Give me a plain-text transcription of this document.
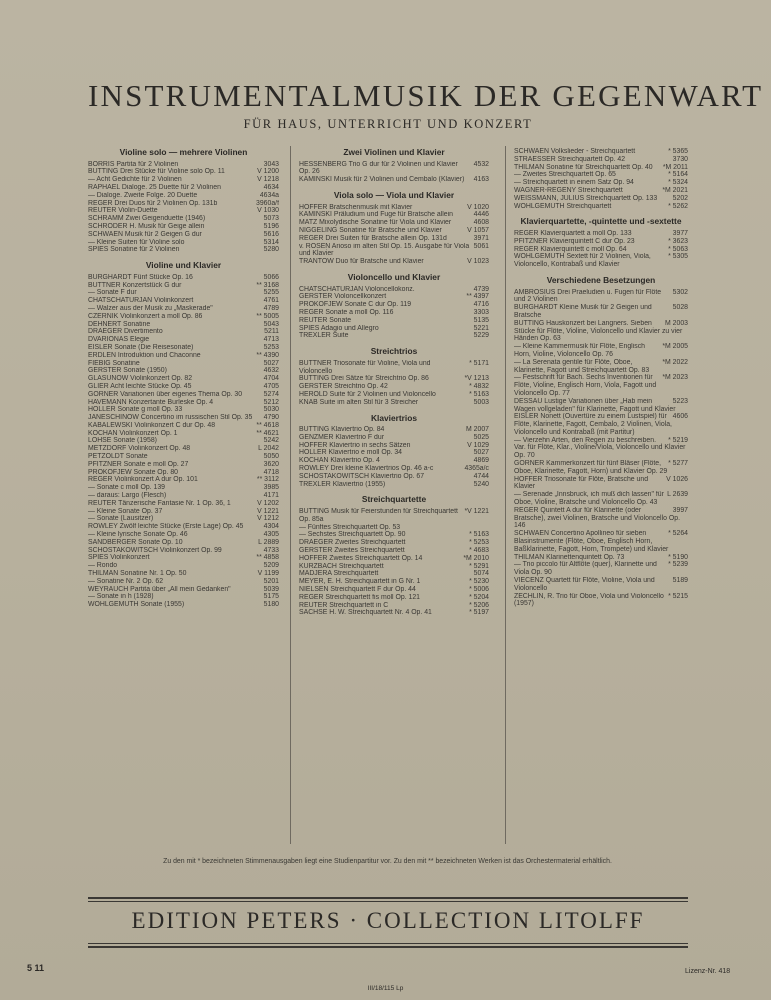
INSTRUMENTALMUSIK DER GEGENWART
FÜR HAUS, UNTERRICHT UND KONZERT
Violine solo — mehrere Violinen
3043
BORRIS Partita für 2 Violinen
V 1200
BUTTING Drei Stücke für Violine solo Op. 11
V 1218
— Acht Gedichte für 2 Violinen
4634
RAPHAEL Dialoge. 25 Duette für 2 Violinen
4634a
— Dialoge. Zweite Folge. 20 Duette
3960a/f
REGER Drei Duos für 2 Violinen Op. 131b
V 1030
REUTER Violin-Duette
5073
SCHRAMM Zwei Geigenduette (1946)
5196
SCHRÖDER H. Musik für Geige allein
5616
SCHWAEN Musik für 2 Geigen G dur
5314
— Kleine Suiten für Violine solo
5280
SPIES Sonatine für 2 Violinen
Violine und Klavier
5066
BURGHARDT Fünf Stücke Op. 16
** 3168
BÜTTNER Konzertstück G dur
5255
— Sonate F dur
4761
CHATSCHATURJAN Violinkonzert
4789
— Walzer aus der Musik zu „Maskerade"
** 5005
CZERNIK Violinkonzert a moll Op. 86
5043
DEHNERT Sonatine
5211
DRAEGER Divertimento
4713
DVARIONAS Elegie
5253
EISLER Sonate (Die Reisesonate)
** 4390
ERDLEN Introduktion und Chaconne
5027
FIEBIG Sonatine
4632
GERSTER Sonate (1950)
4704
GLASUNOW Violinkonzert Op. 82
4705
GLIER Acht leichte Stücke Op. 45
5274
GÖRNER Variationen über eigenes Thema Op. 30
5212
HAVEMANN Konzertante Burleske Op. 4
5030
HÖLLER Sonate g moll Op. 33
4790
JANESCHINOW Concertino im russischen Stil Op. 35
** 4618
KABALEWSKI Violinkonzert C dur Op. 48
** 4621
KOCHAN Violinkonzert Op. 1
5242
LOHSE Sonate (1958)
L 2042
METZDORF Violinkonzert Op. 48
5050
PETZOLDT Sonate
3620
PFITZNER Sonate e moll Op. 27
4718
PROKOFJEW Sonate Op. 80
** 3112
REGER Violinkonzert A dur Op. 101
3985
— Sonate c moll Op. 139
4171
— daraus: Largo (Flesch)
V 1202
REUTER Tänzerische Fantasie Nr. 1 Op. 36, 1
V 1221
— Kleine Sonate Op. 37
V 1212
— Sonate (Lausitzer)
4304
ROWLEY Zwölf leichte Stücke (Erste Lage) Op. 45
4305
— Kleine lyrische Sonate Op. 46
L 2889
SANDBERGER Sonate Op. 10
4733
SCHOSTAKOWITSCH Violinkonzert Op. 99
** 4858
SPIES Violinkonzert
5209
— Rondo
V 1199
THILMAN Sonatine Nr. 1 Op. 50
5201
— Sonatine Nr. 2 Op. 62
5039
WEYRAUCH Partita über „All mein Gedanken"
5175
— Sonate in h (1928)
5180
WOHLGEMUTH Sonate (1955)
Zwei Violinen und Klavier
4532
HESSENBERG Trio G dur für 2 Violinen und Klavier Op. 26
4163
KAMINSKI Musik für 2 Violinen und Cembalo (Klavier)
Viola solo — Viola und Klavier
V 1020
HÖFFER Bratschenmusik mit Klavier
4446
KAMINSKI Präludium und Fuge für Bratsche allein
4608
MATZ Mixolydische Sonatine für Viola und Klavier
V 1057
NIGGELING Sonatine für Bratsche und Klavier
3971
REGER Drei Suiten für Bratsche allein Op. 131d
5061
v. ROSEN Arioso im alten Stil Op. 15. Ausgabe für Viola und Klavier
V 1023
TRANTOW Duo für Bratsche und Klavier
Violoncello und Klavier
4739
CHATSCHATURJAN Violoncellokonz.
** 4397
GERSTER Violoncellkonzert
4716
PROKOFJEW Sonate C dur Op. 119
3303
REGER Sonate a moll Op. 116
5135
REUTER Sonate
5221
SPIES Adagio und Allegro
5229
TREXLER Suite
Streichtrios
* 5171
BÜTTNER Triosonate für Violine, Viola und Violoncello
*V 1213
BUTTING Drei Sätze für Streichtrio Op. 86
* 4832
GERSTER Streichtrio Op. 42
* 5163
HEROLD Suite für 2 Violinen und Violoncello
5003
KNAB Suite im alten Stil für 3 Streicher
Klaviertrios
M 2007
BUTTING Klaviertrio Op. 84
5025
GENZMER Klaviertrio F dur
V 1029
HÖFFER Klaviertrio in sechs Sätzen
5027
HÖLLER Klaviertrio e moll Op. 34
4869
KOCHAN Klaviertrio Op. 4
4365a/c
ROWLEY Drei kleine Klaviertrios Op. 46 a-c
4744
SCHOSTAKOWITSCH Klaviertrio Op. 67
5240
TREXLER Klaviertrio (1955)
Streichquartette
*V 1221
BUTTING Musik für Feierstunden für Streichquartett Op. 85a
— Fünftes Streichquartett Op. 53
* 5163
— Sechstes Streichquartett Op. 90
* 5253
DRAEGER Zweites Streichquartett
* 4683
GERSTER Zweites Streichquartett
*M 2010
HÖFFER Zweites Streichquartett Op. 14
* 5291
KURZBACH Streichquartett
5074
MADJERA Streichquartett
* 5230
MEYER, E. H. Streichquartett in G Nr. 1
* 5006
NIELSEN Streichquartett F dur Op. 44
* 5204
REGER Streichquartett fis moll Op. 121
* 5206
REUTER Streichquartett in C
* 5197
SACHSE H. W. Streichquartett Nr. 4 Op. 41
* 5365
SCHWAEN Volkslieder - Streichquartett
3730
STRAESSER Streichquartett Op. 42
*M 2011
THILMAN Sonatine für Streichquartett Op. 40
* 5164
— Zweites Streichquartett Op. 65
* 5324
— Streichquartett in einem Satz Op. 94
*M 2021
WAGNER-RÉGENY Streichquartett
5202
WEISSMANN, JULIUS Streichquartett Op. 133
* 5262
WOHLGEMUTH Streichquartett
Klavierquartette, -quintette und -sextette
3977
REGER Klavierquartett a moll Op. 133
* 3623
PFITZNER Klavierquintett C dur Op. 23
* 5063
REGER Klavierquintett c moll Op. 64
* 5305
WOHLGEMUTH Sextett für 2 Violinen, Viola, Violoncello, Kontrabaß und Klavier
Verschiedene Besetzungen
5302
AMBROSIUS Drei Praeludien u. Fugen für Flöte und 2 Violinen
5028
BURGHARDT Kleine Musik für 2 Geigen und Bratsche
M 2003
BUTTING Hauskonzert bei Langners. Sieben Stücke für Flöte, Violine, Violoncello und Klavier zu vier Händen Op. 63
*M 2005
— Kleine Kammermusik für Flöte, Englisch Horn, Violine, Violoncello Op. 76
*M 2022
— La Serenata gentile für Flöte, Oboe, Klarinette, Fagott und Streichquartett Op. 83
*M 2023
— Festschrift für Bach. Sechs Inventionen für Flöte, Violine, Englisch Horn, Viola, Fagott und Violoncello Op. 77
5223
DESSAU Lustige Variationen über „Hab mein Wagen vollgeladen" für Klarinette, Fagott und Klavier
4606
EISLER Nonett (Ouvertüre zu einem Lustspiel) für Flöte, Klarinette, Fagott, Cembalo, 2 Violinen, Viola, Violoncello und Kontrabaß (mit Partitur)
* 5219
— Vierzehn Arten, den Regen zu beschreiben. Var. für Flöte, Klar., Violine/Viola, Violoncello und Klavier Op. 70
* 5277
GÖRNER Kammerkonzert für fünf Bläser (Flöte, Oboe, Klarinette, Fagott, Horn) und Klavier Op. 29
V 1026
HÖFFER Triosonate für Flöte, Bratsche und Klavier
L 2639
— Serenade „Innsbruck, ich muß dich lassen" für Oboe, Violine, Bratsche und Violoncello Op. 43
3997
REGER Quintett A dur für Klarinette (oder Bratsche), zwei Violinen, Bratsche und Violoncello Op. 146
* 5264
SCHWAEN Concertino Apollineo für sieben Blasinstrumente (Flöte, Oboe, Englisch Horn, Baßklarinette, Fagott, Horn, Trompete) und Klavier
* 5190
THILMAN Klarinettenquintett Op. 73
* 5239
— Trio piccolo für Altflöte (quer), Klarinette und Viola Op. 90
5189
VIECENZ Quartett für Flöte, Violine, Viola und Violoncello
* 5215
ZECHLIN, R. Trio für Oboe, Viola und Violoncello (1957)
Zu den mit * bezeichneten Stimmenausgaben liegt eine Studienpartitur vor. Zu den mit ** bezeichneten Werken ist das Orchestermaterial erhältlich.
EDITION PETERS · COLLECTION LITOLFF
5 11	Lizenz-Nr. 418
III/18/115 Lp
